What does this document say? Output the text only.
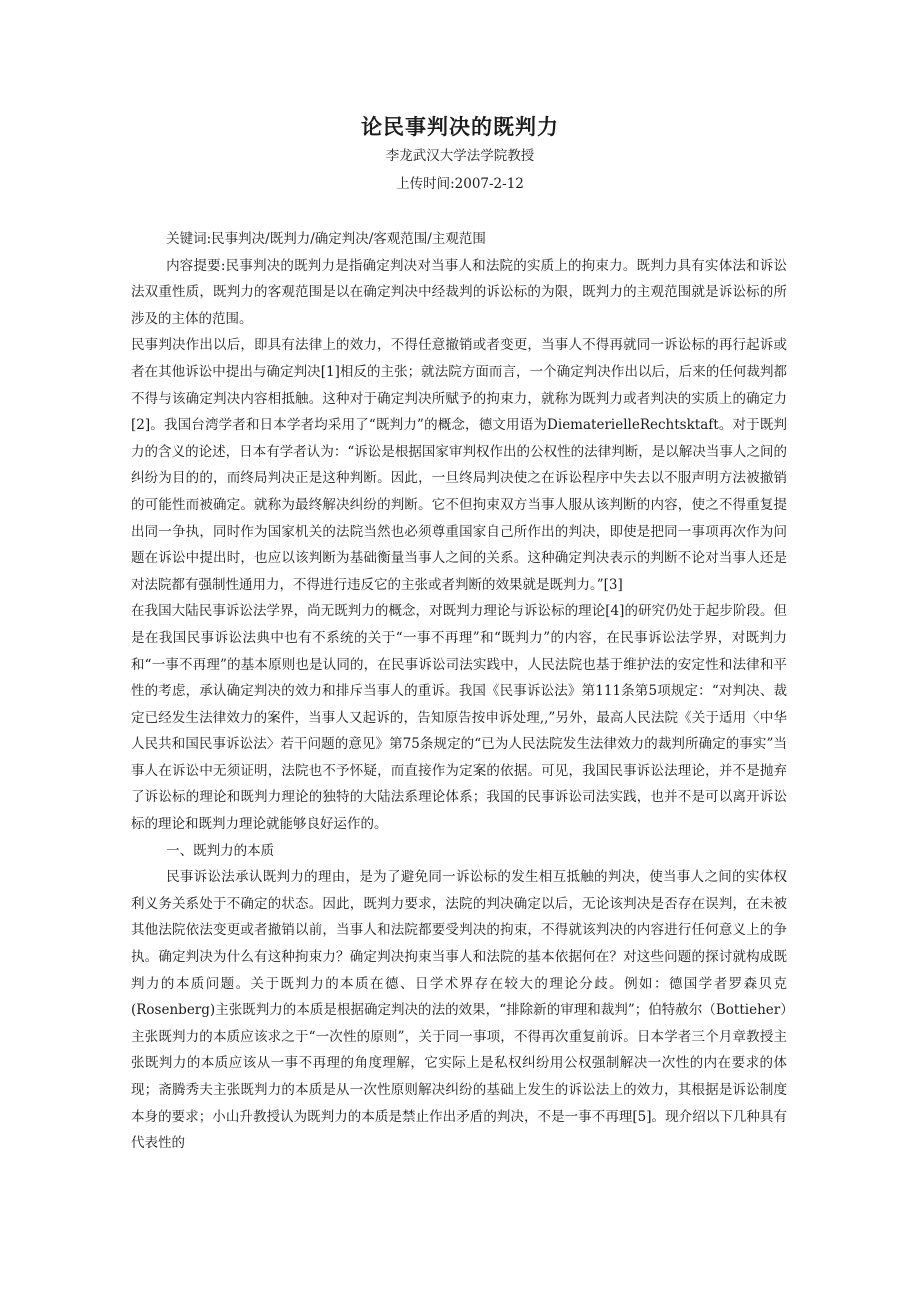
论民事判决的既判力
李龙武汉大学法学院教授
上传时间:2007-2-12

关键词:民事判决/既判力/确定判决/客观范围/主观范围

内容提要:民事判决的既判力是指确定判决对当事人和法院的实质上的拘束力。既判力具有实体法和诉讼法双重性质，既判力的客观范围是以在确定判决中经裁判的诉讼标的为限，既判力的主观范围就是诉讼标的所涉及的主体的范围。

民事判决作出以后，即具有法律上的效力，不得任意撤销或者变更，当事人不得再就同一诉讼标的再行起诉或者在其他诉讼中提出与确定判决[1]相反的主张；就法院方面而言，一个确定判决作出以后，后来的任何裁判都不得与该确定判决内容相抵触。这种对于确定判决所赋予的拘束力，就称为既判力或者判决的实质上的确定力[2]。我国台湾学者和日本学者均采用了“既判力”的概念，德文用语为DiematerielleRechtsktaft。对于既判力的含义的论述，日本有学者认为：“诉讼是根据国家审判权作出的公权性的法律判断，是以解决当事人之间的纠纷为目的的，而终局判决正是这种判断。因此，一旦终局判决使之在诉讼程序中失去以不服声明方法被撤销的可能性而被确定。就称为最终解决纠纷的判断。它不但拘束双方当事人服从该判断的内容，使之不得重复提出同一争执，同时作为国家机关的法院当然也必须尊重国家自己所作出的判决，即使是把同一事项再次作为问题在诉讼中提出时，也应以该判断为基础衡量当事人之间的关系。这种确定判决表示的判断不论对当事人还是对法院都有强制性通用力，不得进行违反它的主张或者判断的效果就是既判力。”[3]

在我国大陆民事诉讼法学界，尚无既判力的概念，对既判力理论与诉讼标的理论[4]的研究仍处于起步阶段。但是在我国民事诉讼法典中也有不系统的关于“一事不再理”和“既判力”的内容，在民事诉讼法学界，对既判力和“一事不再理”的基本原则也是认同的，在民事诉讼司法实践中，人民法院也基于维护法的安定性和法律和平性的考虑，承认确定判决的效力和排斥当事人的重诉。我国《民事诉讼法》第111条第5项规定：“对判决、裁定已经发生法律效力的案件，当事人又起诉的，告知原告按申诉处理,,”另外，最高人民法院《关于适用〈中华人民共和国民事诉讼法〉若干问题的意见》第75条规定的“已为人民法院发生法律效力的裁判所确定的事实”当事人在诉讼中无须证明，法院也不予怀疑，而直接作为定案的依据。可见，我国民事诉讼法理论，并不是抛弃了诉讼标的理论和既判力理论的独特的大陆法系理论体系；我国的民事诉讼司法实践，也并不是可以离开诉讼标的理论和既判力理论就能够良好运作的。

一、既判力的本质

民事诉讼法承认既判力的理由，是为了避免同一诉讼标的发生相互抵触的判决，使当事人之间的实体权利义务关系处于不确定的状态。因此，既判力要求，法院的判决确定以后，无论该判决是否存在误判，在未被其他法院依法变更或者撤销以前，当事人和法院都要受判决的拘束，不得就该判决的内容进行任何意义上的争执。确定判决为什么有这种拘束力？确定判决拘束当事人和法院的基本依据何在？对这些问题的探讨就构成既判力的本质问题。关于既判力的本质在德、日学术界存在较大的理论分歧。例如：德国学者罗森贝克(Rosenberg)主张既判力的本质是根据确定判决的法的效果，“排除新的审理和裁判”；伯特赦尔（Bottieher）主张既判力的本质应该求之于“一次性的原则”，关于同一事项，不得再次重复前诉。日本学者三个月章教授主张既判力的本质应该从一事不再理的角度理解，它实际上是私权纠纷用公权强制解决一次性的内在要求的体现；斋腾秀夫主张既判力的本质是从一次性原则解决纠纷的基础上发生的诉讼法上的效力，其根据是诉讼制度本身的要求；小山升教授认为既判力的本质是禁止作出矛盾的判决，不是一事不再理[5]。现介绍以下几种具有代表性的
